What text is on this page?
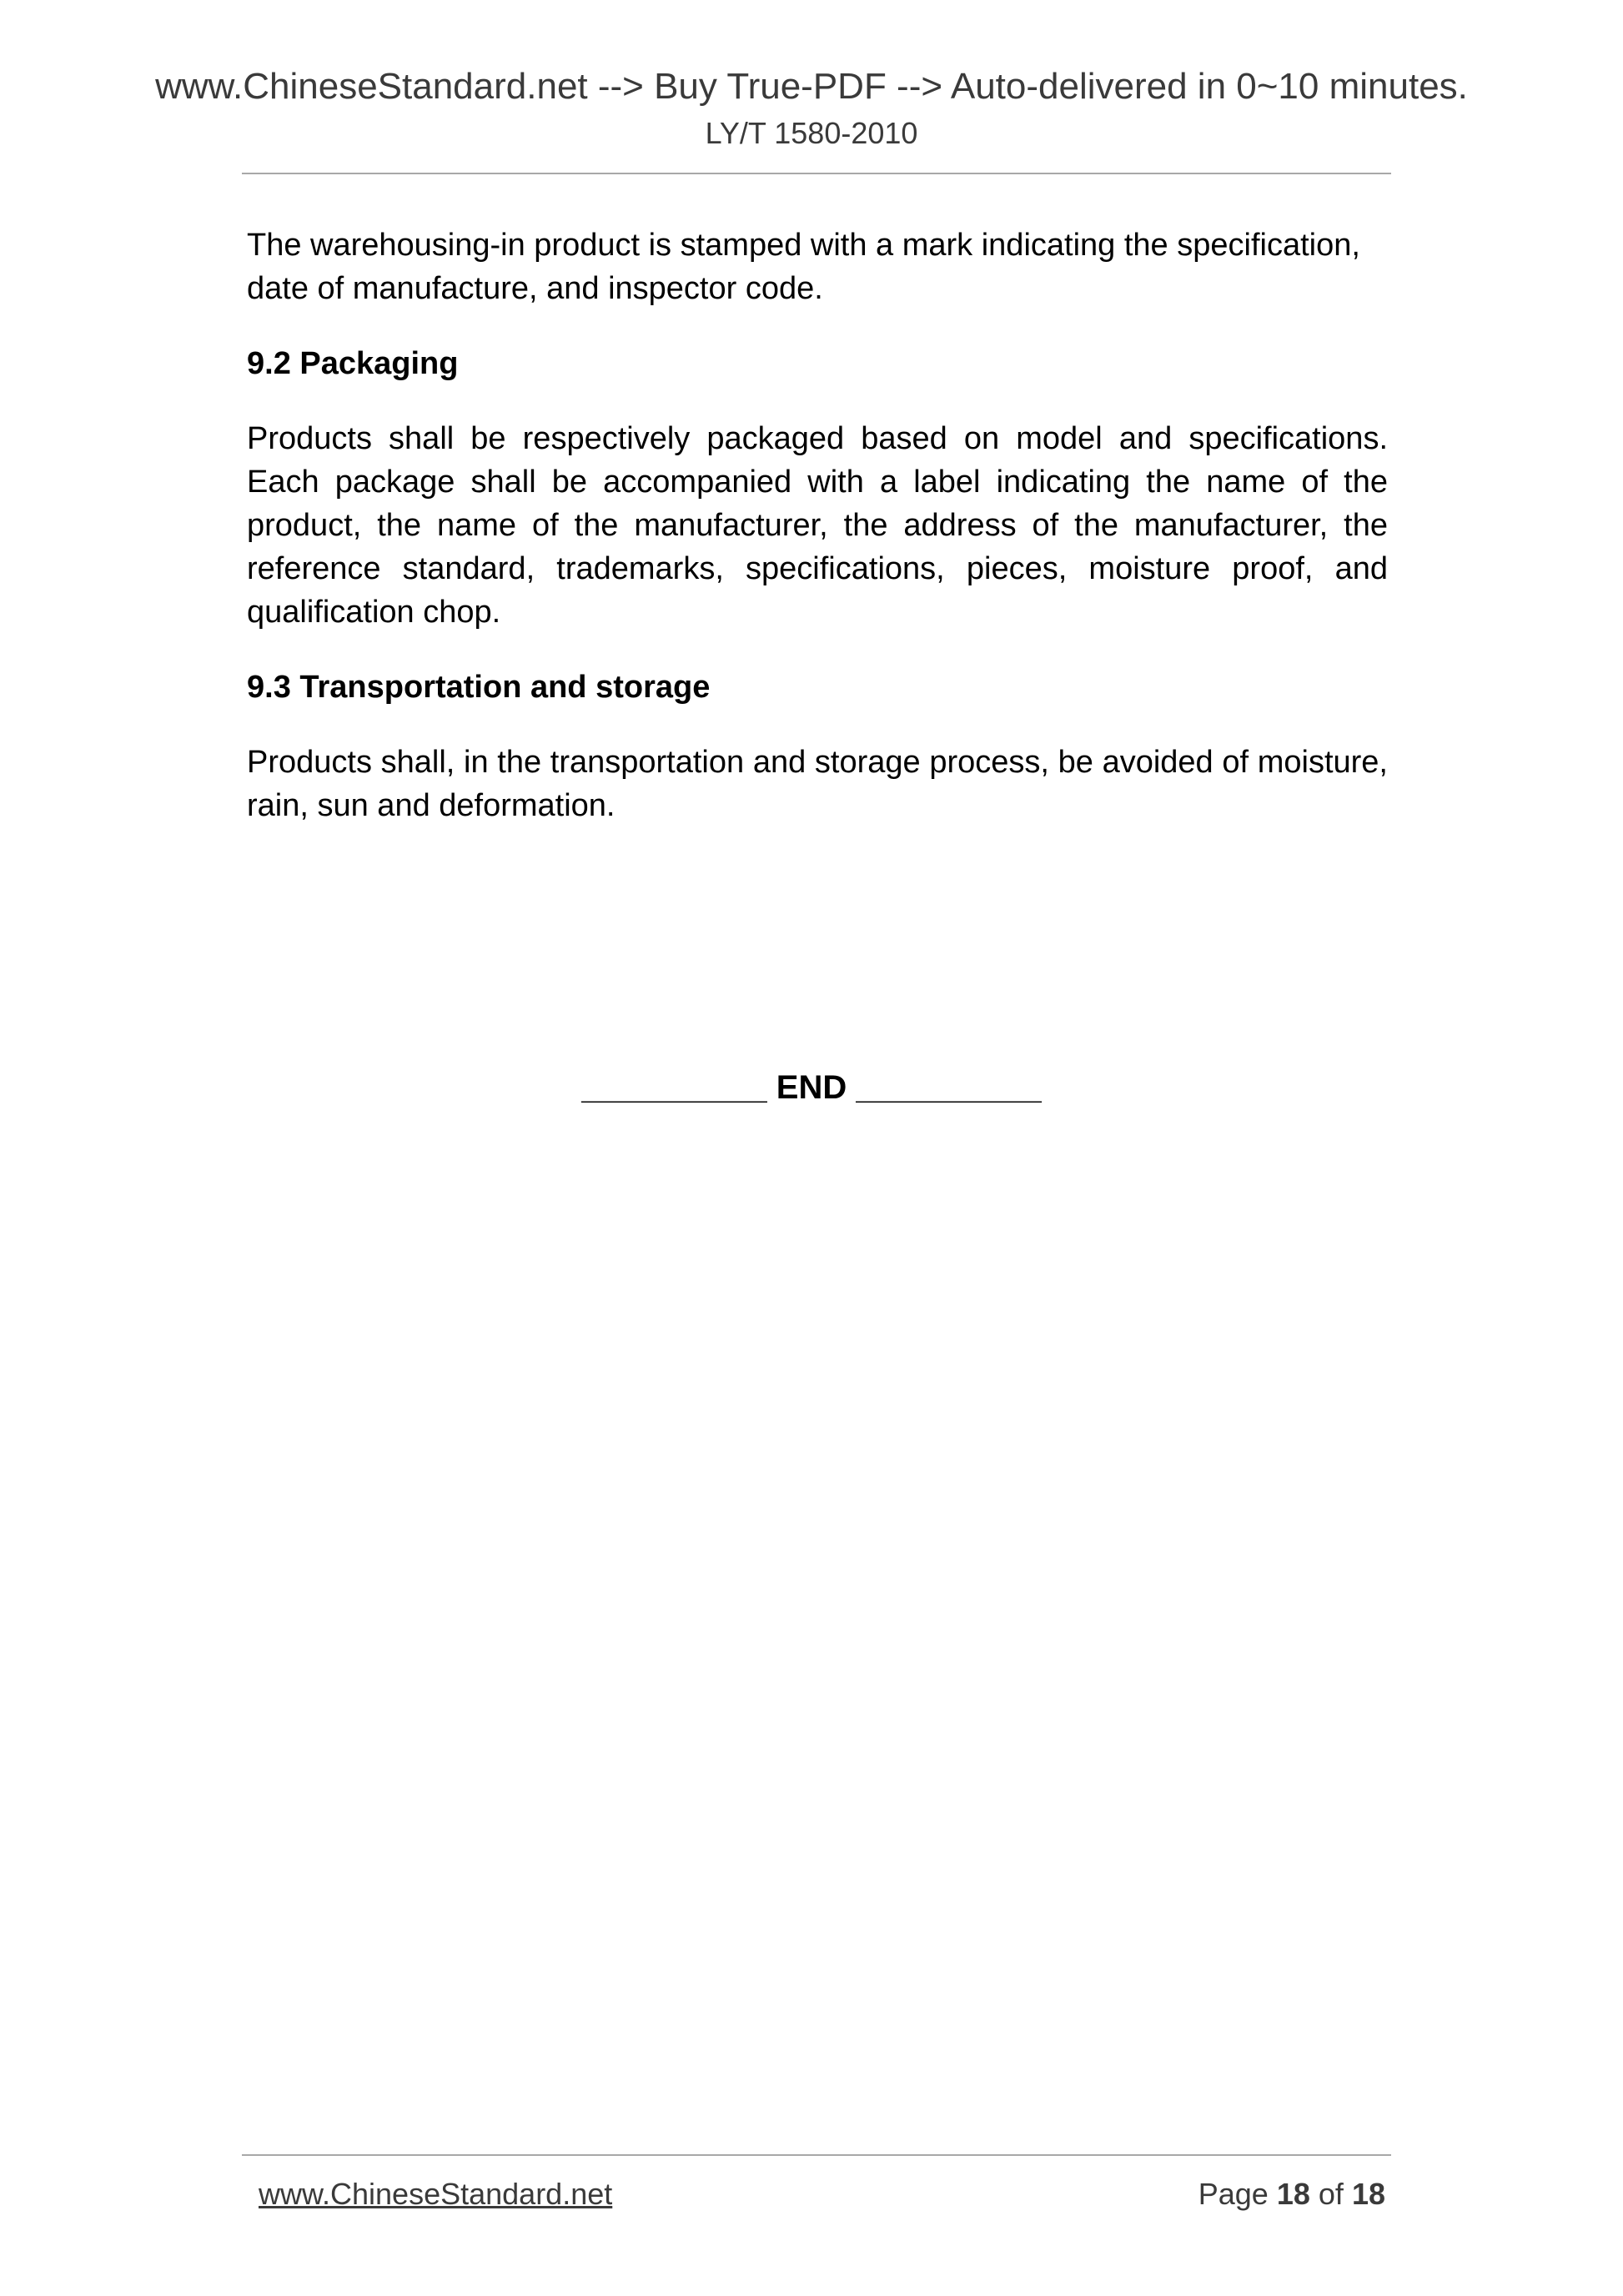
www.ChineseStandard.net --> Buy True-PDF --> Auto-delivered in 0~10 minutes.
LY/T 1580-2010

The warehousing-in product is stamped with a mark indicating the specification, date of manufacture, and inspector code.

9.2 Packaging

Products shall be respectively packaged based on model and specifications. Each package shall be accompanied with a label indicating the name of the product, the name of the manufacturer, the address of the manufacturer, the reference standard, trademarks, specifications, pieces, moisture proof, and qualification chop.

9.3 Transportation and storage

Products shall, in the transportation and storage process, be avoided of moisture, rain, sun and deformation.

__________ END __________
www.ChineseStandard.net	Page 18 of 18
